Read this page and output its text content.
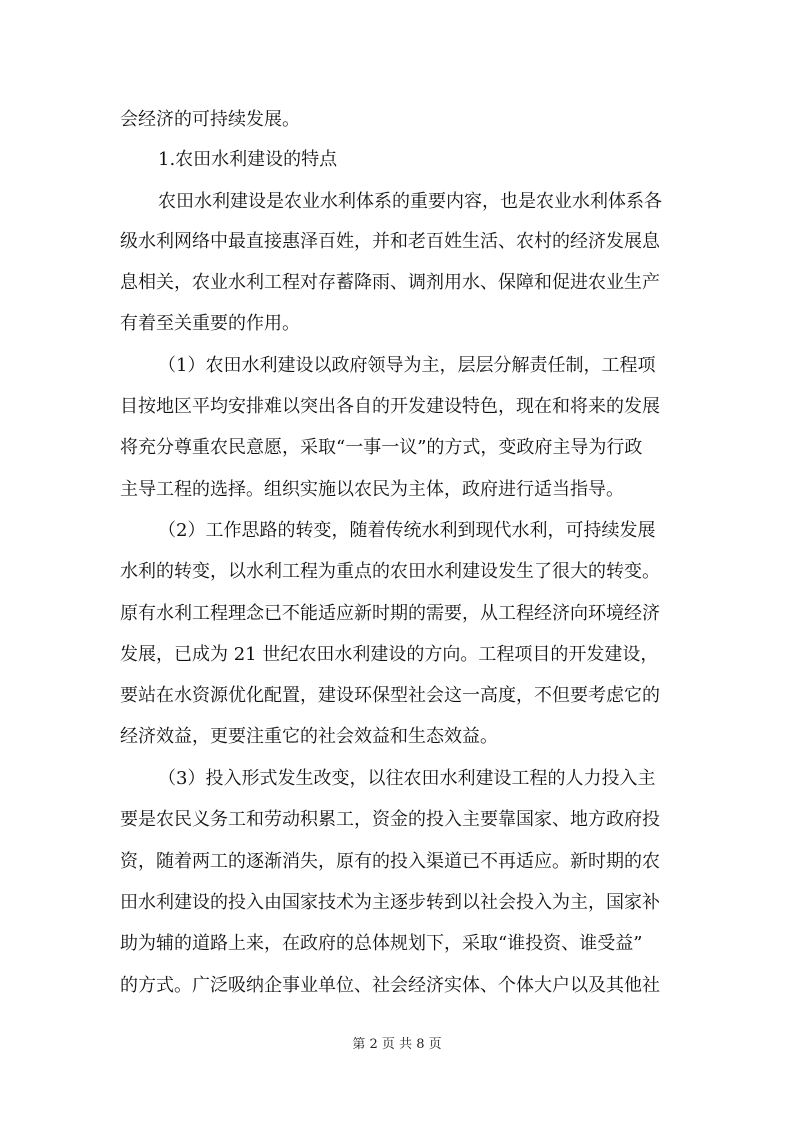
会经济的可持续发展。
1.农田水利建设的特点
农田水利建设是农业水利体系的重要内容，也是农业水利体系各
级水利网络中最直接惠泽百姓，并和老百姓生活、农村的经济发展息
息相关，农业水利工程对存蓄降雨、调剂用水、保障和促进农业生产
有着至关重要的作用。
（1）农田水利建设以政府领导为主，层层分解责任制，工程项
目按地区平均安排难以突出各自的开发建设特色，现在和将来的发展
将充分尊重农民意愿，采取“一事一议”的方式，变政府主导为行政
主导工程的选择。组织实施以农民为主体，政府进行适当指导。
（2）工作思路的转变，随着传统水利到现代水利，可持续发展
水利的转变，以水利工程为重点的农田水利建设发生了很大的转变。
原有水利工程理念已不能适应新时期的需要，从工程经济向环境经济
发展，已成为 21 世纪农田水利建设的方向。工程项目的开发建设，
要站在水资源优化配置，建设环保型社会这一高度，不但要考虑它的
经济效益，更要注重它的社会效益和生态效益。
（3）投入形式发生改变，以往农田水利建设工程的人力投入主
要是农民义务工和劳动积累工，资金的投入主要靠国家、地方政府投
资，随着两工的逐渐消失，原有的投入渠道已不再适应。新时期的农
田水利建设的投入由国家技术为主逐步转到以社会投入为主，国家补
助为辅的道路上来，在政府的总体规划下，采取“谁投资、谁受益”
的方式。广泛吸纳企事业单位、社会经济实体、个体大户以及其他社
第 2 页 共 8 页
